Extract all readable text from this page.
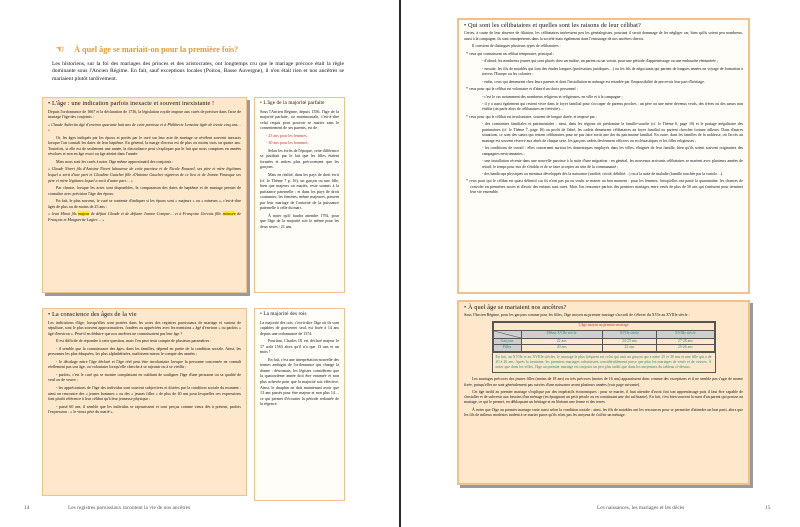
☜ À quel âge se mariait-on pour la première fois?

Les historiens, sur la foi des mariages des princes et des aristocrates, ont longtemps cru que le mariage précoce était la règle dominante sous l'Ancien Régime. En fait, sauf exceptions locales (Poitou, Basse Auvergne), il n'en était rien et nos ancêtres se mariaient plutôt tardivement.

• L'âge : une indication parfois inexacte et souvent inexistante !

Depuis l'ordonnance de 1667 et la déclaration de 1736, la législation royale impose aux curés de préciser dans l'acte de mariage l'âge des conjoints :

« Claude Aubertin âgé d'environ quarante huit ans de cette paroisse et à Philiberte Lemoine âgée de trente cinq ans… »

Or, les âges indiqués par les époux et portés par le curé sur leur acte de mariage se révèlent souvent inexacts lorsque l'on connaît les dates de leur baptême. En général, la marge d'erreur est de plus ou moins trois ou quatre ans. Toutefois, si elle est de seulement une année, la discordance peut s'expliquer par le fait que nous comptons en années révolues et non en âge exact ou âge atteint dans l'année.

Mais nous sont les curés à noter l'âge même approximatif des conjoints :

« Claude Nivert fils d'Antoine Nivert laboureur de cette paroisse et de Nicole Rouxnel, ses père et mère légitimes lequel a sorti d'une part et Claudine Gauchet fille d'Antoine Gauchet vigneron de ce lieu et de Jeanne Finasque ses père et mère légitimes lequel a sorti d'autre part… »

Par chance, lorsque les actes sont disponibles, la comparaison des dates de baptême et de mariage permet de connaître avec précision l'âge des époux.

En fait, le plus souvent, le curé se contente d'indiquer si les époux sont « majeurs » ou « mineurs », c'est-à-dire âgés de plus ou de moins de 25 ans :

« Jean Minot fils majeur de défunt Claude et de défunte Jeanne Compar… et à Françoise Gervais fille mineure de François et Marguerite Lagier… »

• L'âge de la majorité parfaite

Sous l'Ancien Régime, depuis 1556, l'âge de la majorité parfaite, ou matrimoniale, c'est-à-dire celui requis pour pouvoir se marier sans le consentement de ses parents, est de :

- 25 ans pour les femmes,

- 30 ans pour les hommes.

Selon les écrits de l'époque, cette différence se justifiait par le fait que les filles étaient formées et mûres plus précocement que les garçons.

Mais en réalité, dans les pays de droit écrit (cf. le Thème 7 p. 16), un garçon ou une fille, bien que majeurs ou mariés, reste soumis à la puissance paternelle ; et dans les pays de droit coutumier, les femmes, même majeures, passent par leur mariage de l'autorité de la puissance paternelle à celle du mari.

À noter qu'il faudra attendre 1792, pour que l'âge de la majorité soit le même pour les deux sexes : 21 ans.

• La conscience des âges de la vie

Les indications d'âge, lorsqu'elles sont portées dans les actes des registres paroissiaux de mariage et surtout de sépulture, sont le plus souvent approximatives, fondées ou appréciées avec les mentions « âgé d'environ » ou parfois « âgé d'environ ». Peut-il en déduire que nos ancêtres ne connaissaient pas leur âge ?

Il est difficile de répondre à cette question, mais l'on peut tenir compte de plusieurs paramètres :

- il semble que la connaissance des âges, dans les familles, dépend en partie de la condition sociale. Ainsi, les personnes les plus éduquées, les plus alphabétisées, maîtrisent mieux le compte des années ;

- le décalage entre l'âge déclaré et l'âge réel peut être involontaire lorsque la personne concernée ne connaît réellement pas son âge, ou volontaire lorsqu'elle cherche à se rajeunir ou à se vieillir ;

- parfois, c'est le curé qui se montre complaisant en oubliant de souligner l'âge d'une personne ou sa qualité de veuf ou de veuve ;

- les appréciations de l'âge des individus sont souvent subjectives et dictées par la condition sociale du moment : ainsi on rencontre des « jeunes hommes » ou des « jeunes filles » de plus de 40 ans pour lesquelles ces expressions font plutôt référence à leur célibat qu'à leur jeunesse physique ;

- passé 60 ans, il semble que les individus se rajeunissent et sont perçus comme vieux dès à présent, parfois l'expression : « le vieux père du marié ».

• La majorité des rois

La majorité des rois, c'est-à-dire l'âge où ils sont capables de gouverner seul, est fixée à 14 ans depuis une ordonnance de 1374.

Pourtant, Charles IX est déclaré majeur le 17 août 1563 alors qu'il n'a que 13 ans et un mois !

En fait, c'est une interprétation nouvelle des termes ambigus de l'ordonnance qui change la donne : désormais, les légistes considèrent que la quatorzième année doit être entamée et non plus achevée pour que la majorité soit effective. Ainsi, le dauphin ne doit maintenant avoir que 13 ans passés pour être majeur et non plus 14… ce qui permet d'écourter la période redoutée de la régence.

14	Les registres paroissiaux racontent la vie de nos ancêtres
• Qui sont les célibataires et quelles sont les raisons de leur célibat?

Certes, à cause de leur absence de filiation, les célibataires intéressent peu les généalogistes, pourtant il serait dommage de les négliger car, bien qu'ils soient peu nombreux, aussi à la campagne, ils sont omniprésents dans la société mais également dans l'entourage de nos ancêtres directs.

Il convient de distinguer plusieurs types de célibataires :

* ceux qui connaissent un célibat temporaire, principal :

- d'abord, les nombreux jeunes qui sont placés chez un maître, un parent ou un voisin, pour une période d'apprentissage ou une embauche rémunérée ;

- ensuite, les fils de notables qui font des études longues (professions juridiques…) ou les fils de négociants qui partent de longues années en voyage de formation à travers l'Europe ou les colonies ;

- enfin, ceux qui demeurent chez leurs parents et dont l'installation en ménage est retardée par l'impossibilité de percevoir leur part d'héritage.

* ceux pour qui le célibat est volontaire et d'abord un choix personnel :

- c'est le cas notamment des nombreux religieux et religieuses, en ville et à la campagne ;

- il y a aussi également qui restent vivre dans le foyer familial pour s'occuper de parents proches : un père ou une mère devenus veufs, des frères ou des sœurs non établis (on parle alors de célibataires en frérèche)…

* ceux pour qui le célibat est involontaire, souvent de longue durée, et imposé par :

- des contraintes familiales et patrimoniales : ainsi, dans les régions où prédomine la famille-souche (cf. le Thème 6, page 10) et le partage inégalitaire des patrimoines (cf. le Thème 7, page 16) au profit de l'aîné, les cadets demeurent célibataires au foyer familial ou partent chercher fortune ailleurs. Dans d'autres situations, ce sont des sœurs qui restent célibataires pour ne pas faire sortir une dot du patrimoine familial. En outre, dans les familles de la noblesse, où l'accès au mariage est souvent réservé aux aînés de chaque sexe, les garçons cadets deviennent officiers ou ecclésiastiques et les filles religieuses ;

- les conditions de travail : elles concernent surtout les domestiques employés dans les villes, éloignés de leur famille, bien qu'ils soient souvent originaires des campagnes environnantes ;

- une installation récente dans une nouvelle paroisse à la suite d'une migration : en général, les nouveaux arrivants célibataires se marient avec plusieurs années de retard, le temps pour eux de s'établir et de se faire accepter au sein de la communauté ;

- des handicaps physiques ou mentaux développés dès la naissance (surdité, cécité, débilité…) ou à la suite de maladie (famille touchée par la variole…).

* ceux pour qui le célibat est quasi définitif car ils n'ont pas pu ou voulu se marier au bon moment : pour les femmes, lorsqu'elles ont passé la quarantaine, les chances de convoler en premières noces et d'avoir des enfants sont rares. Mais l'on rencontre parfois des premiers mariages entre veufs de plus de 50 ans qui s'unissent pour terminer leur vie ensemble.

• À quel âge se mariaient nos ancêtres?

Sous l'Ancien Régime, pour les garçons comme pour les filles, l'âge moyen au premier mariage s'accroît de s'élever du XVIe au XVIIIe siècle :

L'âge moyen au premier mariage			

	Début XVIIe siècle	XVIIe siècle	XVIIIe siècle
Garçons	22 ans	24-25 ans	27-28 ans
Filles	20 ans	22 ans	25-26 ans
En fait, au XVIIe et au XVIIIe siècles, le mariage le plus fréquent est celui qui unit un garçon qui a entre 25 et 30 ans et une fille qui a de 20 à 26 ans. Après la trentaine, les premiers mariages ralentissent considérablement parce que plus les mariages de veufs et de veuves. À noter que dans les villes, l'âge au premier mariage est toujours un peu plus tardif que dans les moyennes du tableau ci-dessus.

Les mariages précoces des jeunes filles (moins de 18 ans) ou très précoces (moins de 16 ans) apparaissent donc comme des exceptions et il ne semble pas s'agir de norme fixée, puisqu'elles ne sont généralement pas suivies d'une naissance avant plusieurs années (voir page suivante).

Cet âge tardif au premier mariage s'explique par des impératifs économiques : pour se marier, il faut attendre d'avoir fini son apprentissage puis il faut être capable de s'installer et de subvenir aux besoins d'un ménage (en épargnant un petit pécule ou en constituant une dot suffisante). En fait, c'est bien souvent la mort d'un parent qui pousse au mariage, ce qui le permet, en débloquant un héritage et en libérant une ferme et des terres.

À noter que l'âge au premier mariage varie aussi selon la condition sociale : ainsi, les fils de notables ont les ressources pour se permettre d'attendre un bon parti, alors que les fils de milieux modestes tardent à se marier parce qu'ils n'ont pas les moyens de s'offrir un ménage.

Les naissances, les mariages et les décès	15
